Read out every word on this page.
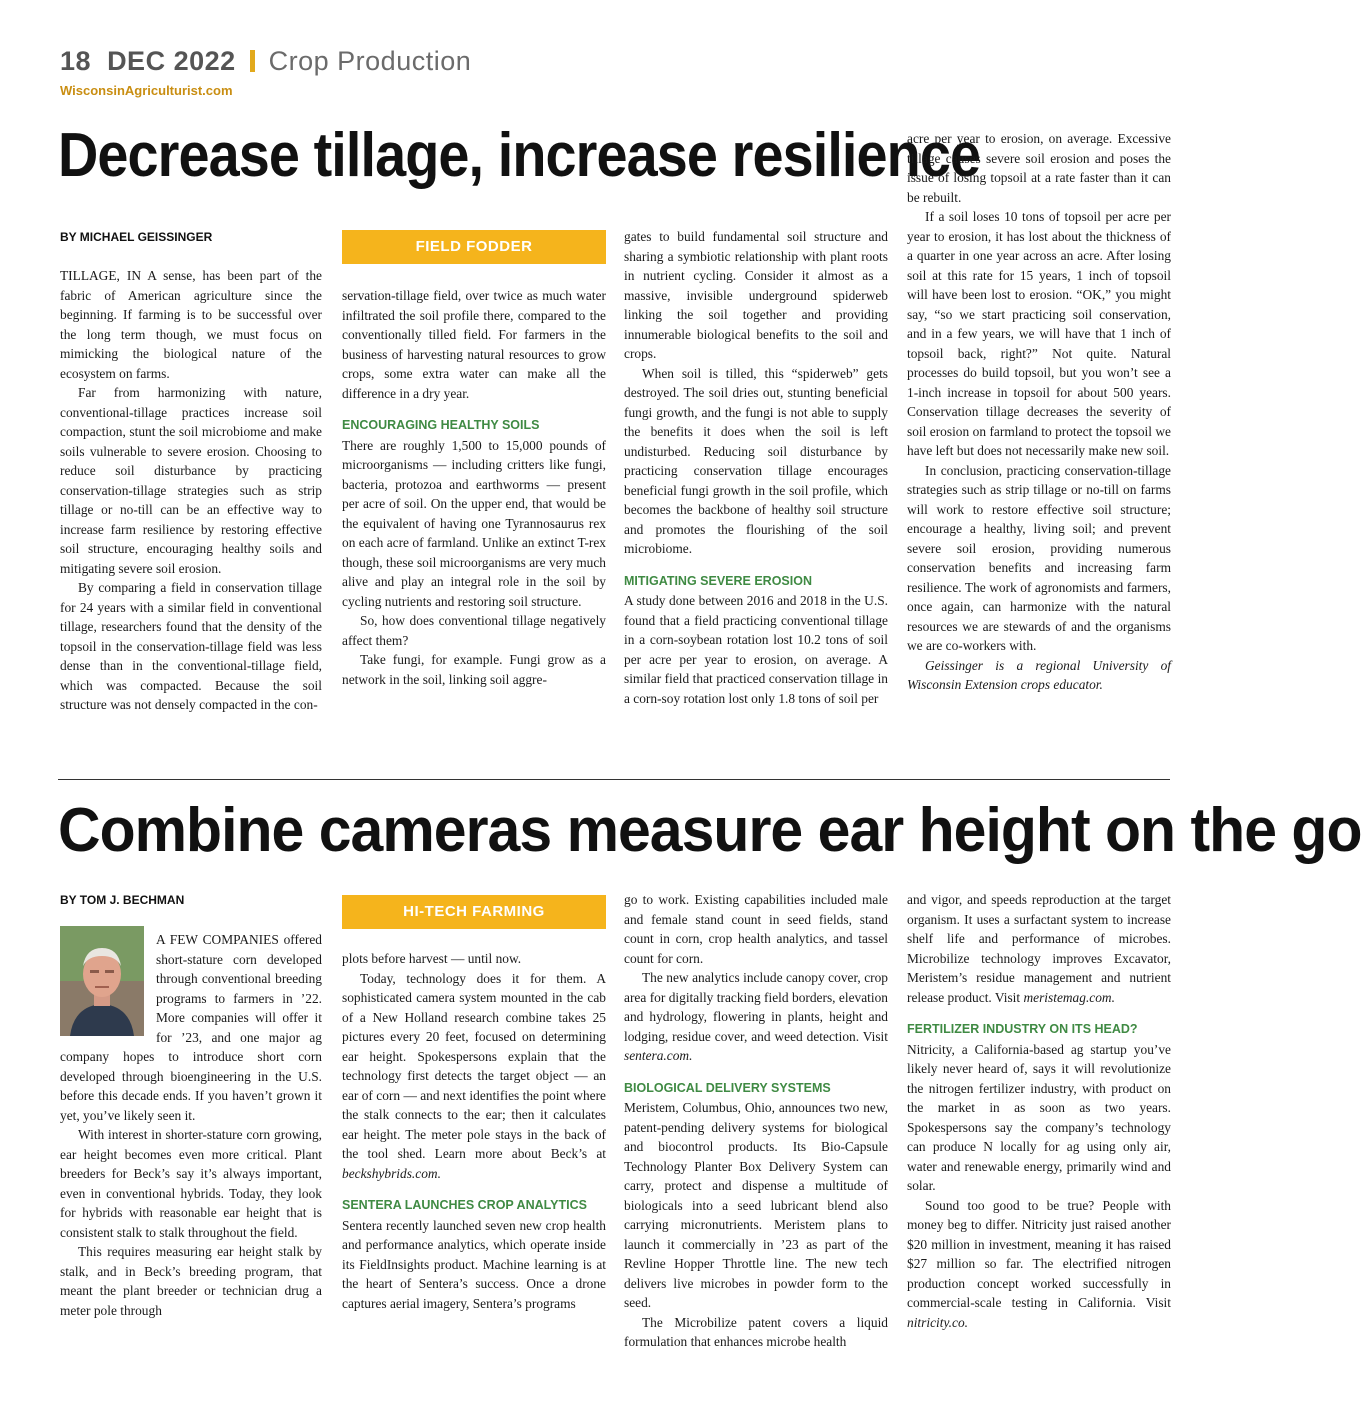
18 DEC 2022 Crop Production
WisconsinAgriculturist.com
Decrease tillage, increase resilience
BY MICHAEL GEISSINGER
FIELD FODDER

TILLAGE, IN A sense, has been part of the fabric of American agriculture since the beginning. If farming is to be successful over the long term though, we must focus on mimicking the biological nature of the ecosystem on farms.

Far from harmonizing with nature, conventional-tillage practices increase soil compaction, stunt the soil microbiome and make soils vulnerable to severe erosion. Choosing to reduce soil disturbance by practicing conservation-tillage strategies such as strip tillage or no-till can be an effective way to increase farm resilience by restoring effective soil structure, encouraging healthy soils and mitigating severe soil erosion.

By comparing a field in conservation tillage for 24 years with a similar field in conventional tillage, researchers found that the density of the topsoil in the conservation-tillage field was less dense than in the conventional-tillage field, which was compacted. Because the soil structure was not densely compacted in the con-

servation-tillage field, over twice as much water infiltrated the soil profile there, compared to the conventionally tilled field. For farmers in the business of harvesting natural resources to grow crops, some extra water can make all the difference in a dry year.

ENCOURAGING HEALTHY SOILS

There are roughly 1,500 to 15,000 pounds of microorganisms — including critters like fungi, bacteria, protozoa and earthworms — present per acre of soil. On the upper end, that would be the equivalent of having one Tyrannosaurus rex on each acre of farmland. Unlike an extinct T-rex though, these soil microorganisms are very much alive and play an integral role in the soil by cycling nutrients and restoring soil structure.

So, how does conventional tillage negatively affect them?

Take fungi, for example. Fungi grow as a network in the soil, linking soil aggre-

gates to build fundamental soil structure and sharing a symbiotic relationship with plant roots in nutrient cycling. Consider it almost as a massive, invisible underground spiderweb linking the soil together and providing innumerable biological benefits to the soil and crops.

When soil is tilled, this “spiderweb” gets destroyed. The soil dries out, stunting beneficial fungi growth, and the fungi is not able to supply the benefits it does when the soil is left undisturbed. Reducing soil disturbance by practicing conservation tillage encourages beneficial fungi growth in the soil profile, which becomes the backbone of healthy soil structure and promotes the flourishing of the soil microbiome.

MITIGATING SEVERE EROSION

A study done between 2016 and 2018 in the U.S. found that a field practicing conventional tillage in a corn-soybean rotation lost 10.2 tons of soil per acre per year to erosion, on average. A similar field that practiced conservation tillage in a corn-soy rotation lost only 1.8 tons of soil per

acre per year to erosion, on average. Excessive tillage causes severe soil erosion and poses the issue of losing topsoil at a rate faster than it can be rebuilt.

If a soil loses 10 tons of topsoil per acre per year to erosion, it has lost about the thickness of a quarter in one year across an acre. After losing soil at this rate for 15 years, 1 inch of topsoil will have been lost to erosion. “OK,” you might say, “so we start practicing soil conservation, and in a few years, we will have that 1 inch of topsoil back, right?” Not quite. Natural processes do build topsoil, but you won’t see a 1-inch increase in topsoil for about 500 years. Conservation tillage decreases the severity of soil erosion on farmland to protect the topsoil we have left but does not necessarily make new soil.

In conclusion, practicing conservation-tillage strategies such as strip tillage or no-till on farms will work to restore effective soil structure; encourage a healthy, living soil; and prevent severe soil erosion, providing numerous conservation benefits and increasing farm resilience. The work of agronomists and farmers, once again, can harmonize with the natural resources we are stewards of and the organisms we are co-workers with.

Geissinger is a regional University of Wisconsin Extension crops educator.

Combine cameras measure ear height on the go
BY TOM J. BECHMAN
HI-TECH FARMING

A FEW COMPANIES offered short-stature corn developed through conventional breeding programs to farmers in ’22. More companies will offer it for ’23, and one major ag company hopes to introduce short corn developed through bioengineering in the U.S. before this decade ends. If you haven’t grown it yet, you’ve likely seen it.

With interest in shorter-stature corn growing, ear height becomes even more critical. Plant breeders for Beck’s say it’s always important, even in conventional hybrids. Today, they look for hybrids with reasonable ear height that is consistent stalk to stalk throughout the field.

This requires measuring ear height stalk by stalk, and in Beck’s breeding program, that meant the plant breeder or technician drug a meter pole through

plots before harvest — until now.

Today, technology does it for them. A sophisticated camera system mounted in the cab of a New Holland research combine takes 25 pictures every 20 feet, focused on determining ear height. Spokespersons explain that the technology first detects the target object — an ear of corn — and next identifies the point where the stalk connects to the ear; then it calculates ear height. The meter pole stays in the back of the tool shed. Learn more about Beck’s at beckshybrids.com.

SENTERA LAUNCHES CROP ANALYTICS

Sentera recently launched seven new crop health and performance analytics, which operate inside its FieldInsights product. Machine learning is at the heart of Sentera’s success. Once a drone captures aerial imagery, Sentera’s programs

go to work. Existing capabilities included male and female stand count in seed fields, stand count in corn, crop health analytics, and tassel count for corn.

The new analytics include canopy cover, crop area for digitally tracking field borders, elevation and hydrology, flowering in plants, height and lodging, residue cover, and weed detection. Visit sentera.com.

BIOLOGICAL DELIVERY SYSTEMS

Meristem, Columbus, Ohio, announces two new, patent-pending delivery systems for biological and biocontrol products. Its Bio-Capsule Technology Planter Box Delivery System can carry, protect and dispense a multitude of biologicals into a seed lubricant blend also carrying micronutrients. Meristem plans to launch it commercially in ’23 as part of the Revline Hopper Throttle line. The new tech delivers live microbes in powder form to the seed.

The Microbilize patent covers a liquid formulation that enhances microbe health

and vigor, and speeds reproduction at the target organism. It uses a surfactant system to increase shelf life and performance of microbes. Microbilize technology improves Excavator, Meristem’s residue management and nutrient release product. Visit meristemag.com.

FERTILIZER INDUSTRY ON ITS HEAD?

Nitricity, a California-based ag startup you’ve likely never heard of, says it will revolutionize the nitrogen fertilizer industry, with product on the market in as soon as two years. Spokespersons say the company’s technology can produce N locally for ag using only air, water and renewable energy, primarily wind and solar.

Sound too good to be true? People with money beg to differ. Nitricity just raised another $20 million in investment, meaning it has raised $27 million so far. The electrified nitrogen production concept worked successfully in commercial-scale testing in California. Visit nitricity.co.
